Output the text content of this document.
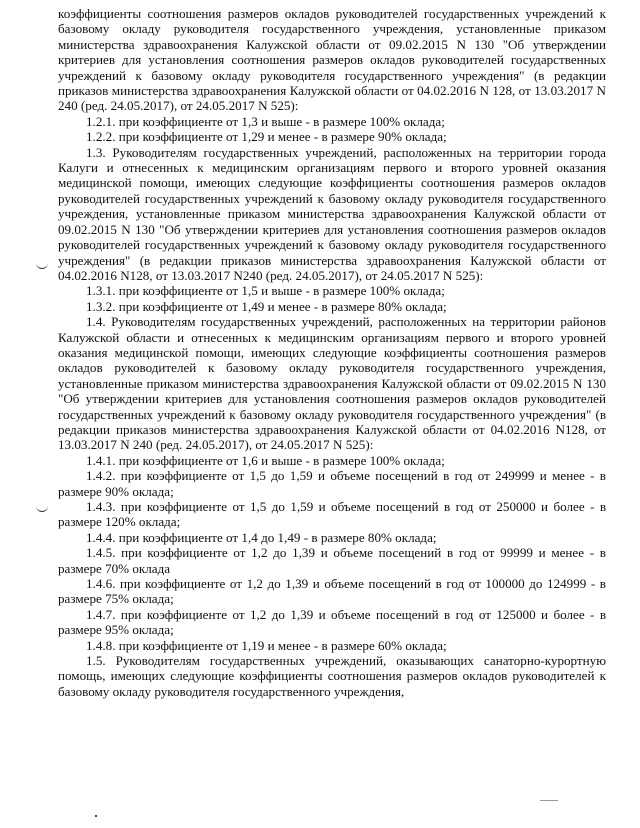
коэффициенты соотношения размеров окладов руководителей государственных учреждений к базовому окладу руководителя государственного учреждения, установленные приказом министерства здравоохранения Калужской области от 09.02.2015 N 130 "Об утверждении критериев для установления соотношения размеров окладов руководителей государственных учреждений к базовому окладу руководителя государственного учреждения" (в редакции приказов министерства здравоохранения Калужской области от 04.02.2016 N 128, от 13.03.2017 N 240 (ред. 24.05.2017), от 24.05.2017 N 525):

1.2.1. при коэффициенте от 1,3 и выше - в размере 100% оклада;

1.2.2. при коэффициенте от 1,29 и менее - в размере 90% оклада;

1.3. Руководителям государственных учреждений, расположенных на территории города Калуги и отнесенных к медицинским организациям первого и второго уровней оказания медицинской помощи, имеющих следующие коэффициенты соотношения размеров окладов руководителей государственных учреждений к базовому окладу руководителя государственного учреждения, установленные приказом министерства здравоохранения Калужской области от 09.02.2015 N 130 "Об утверждении критериев для установления соотношения размеров окладов руководителей государственных учреждений к базовому окладу руководителя государственного учреждения" (в редакции приказов министерства здравоохранения Калужской области от 04.02.2016 N128, от 13.03.2017 N240 (ред. 24.05.2017), от 24.05.2017 N 525):

1.3.1. при коэффициенте от 1,5 и выше - в размере 100% оклада;

1.3.2. при коэффициенте от 1,49 и менее - в размере 80% оклада;

1.4. Руководителям государственных учреждений, расположенных на территории районов Калужской области и отнесенных к медицинским организациям первого и второго уровней оказания медицинской помощи, имеющих следующие коэффициенты соотношения размеров окладов руководителей к базовому окладу руководителя государственного учреждения, установленные приказом министерства здравоохранения Калужской области от 09.02.2015 N 130 "Об утверждении критериев для установления соотношения размеров окладов руководителей государственных учреждений к базовому окладу руководителя государственного учреждения" (в редакции приказов министерства здравоохранения Калужской области от 04.02.2016 N128, от 13.03.2017 N 240 (ред. 24.05.2017), от 24.05.2017 N 525):

1.4.1. при коэффициенте от 1,6 и выше - в размере 100% оклада;

1.4.2. при коэффициенте от 1,5 до 1,59 и объеме посещений в год от 249999 и менее - в размере 90% оклада;

1.4.3. при коэффициенте от 1,5 до 1,59 и объеме посещений в год от 250000 и более - в размере 120% оклада;

1.4.4. при коэффициенте от 1,4 до 1,49 - в размере 80% оклада;

1.4.5. при коэффициенте от 1,2 до 1,39 и объеме посещений в год от 99999 и менее - в размере 70% оклада

1.4.6. при коэффициенте от 1,2 до 1,39 и объеме посещений в год от 100000 до 124999 - в размере 75% оклада;

1.4.7. при коэффициенте от 1,2 до 1,39 и объеме посещений в год от 125000 и более - в размере 95% оклада;

1.4.8. при коэффициенте от 1,19 и менее - в размере 60% оклада;

1.5. Руководителям государственных учреждений, оказывающих санаторно-курортную помощь, имеющих следующие коэффициенты соотношения размеров окладов руководителей к базовому окладу руководителя государственного учреждения,
